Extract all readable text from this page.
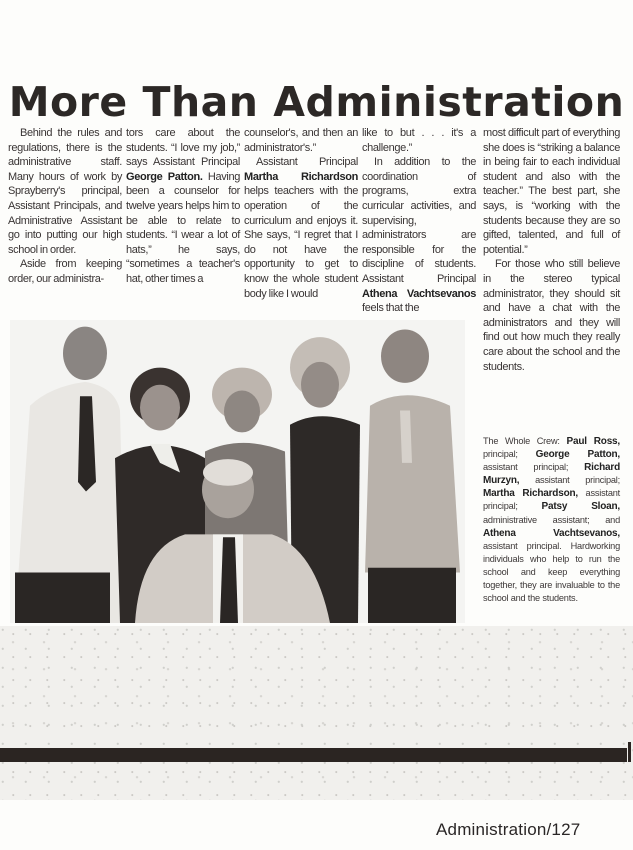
More Than Administration

Behind the rules and regulations, there is the administrative staff. Many hours of work by Sprayberry's principal, Assistant Principals, and Administrative Assistant go into putting our high school in order.

Aside from keeping order, our administra-

tors care about the students. “I love my job,” says Assistant Principal George Patton. Having been a counselor for twelve years helps him to be able to relate to students. “I wear a lot of hats,” he says, “sometimes a teacher's hat, other times a

counselor's, and then an administrator's.”

Assistant Principal Martha Richardson helps teachers with the operation of the curriculum and enjoys it. She says, “I regret that I do not have the opportunity to get to know the whole student body like I would

like to but . . . it's a challenge.”

In addition to the coordination of programs, extra curricular activities, and supervising, administrators are responsible for the discipline of students. Assistant Principal Athena Vachtsevanos feels that the

most difficult part of everything she does is “striking a balance in being fair to each individual student and also with the teacher.” The best part, she says, is “working with the students because they are so gifted, talented, and full of potential.”

For those who still believe in the stereo typical administrator, they should sit and have a chat with the administrators and they will find out how much they really care about the school and the students.

The Whole Crew: Paul Ross, principal; George Patton, assistant principal; Richard Murzyn, assistant principal; Martha Richardson, assistant principal; Patsy Sloan, administrative assistant; and Athena Vachtsevanos, assistant principal. Hardworking individuals who help to run the school and keep everything together, they are invaluable to the school and the students.
Administration/127
